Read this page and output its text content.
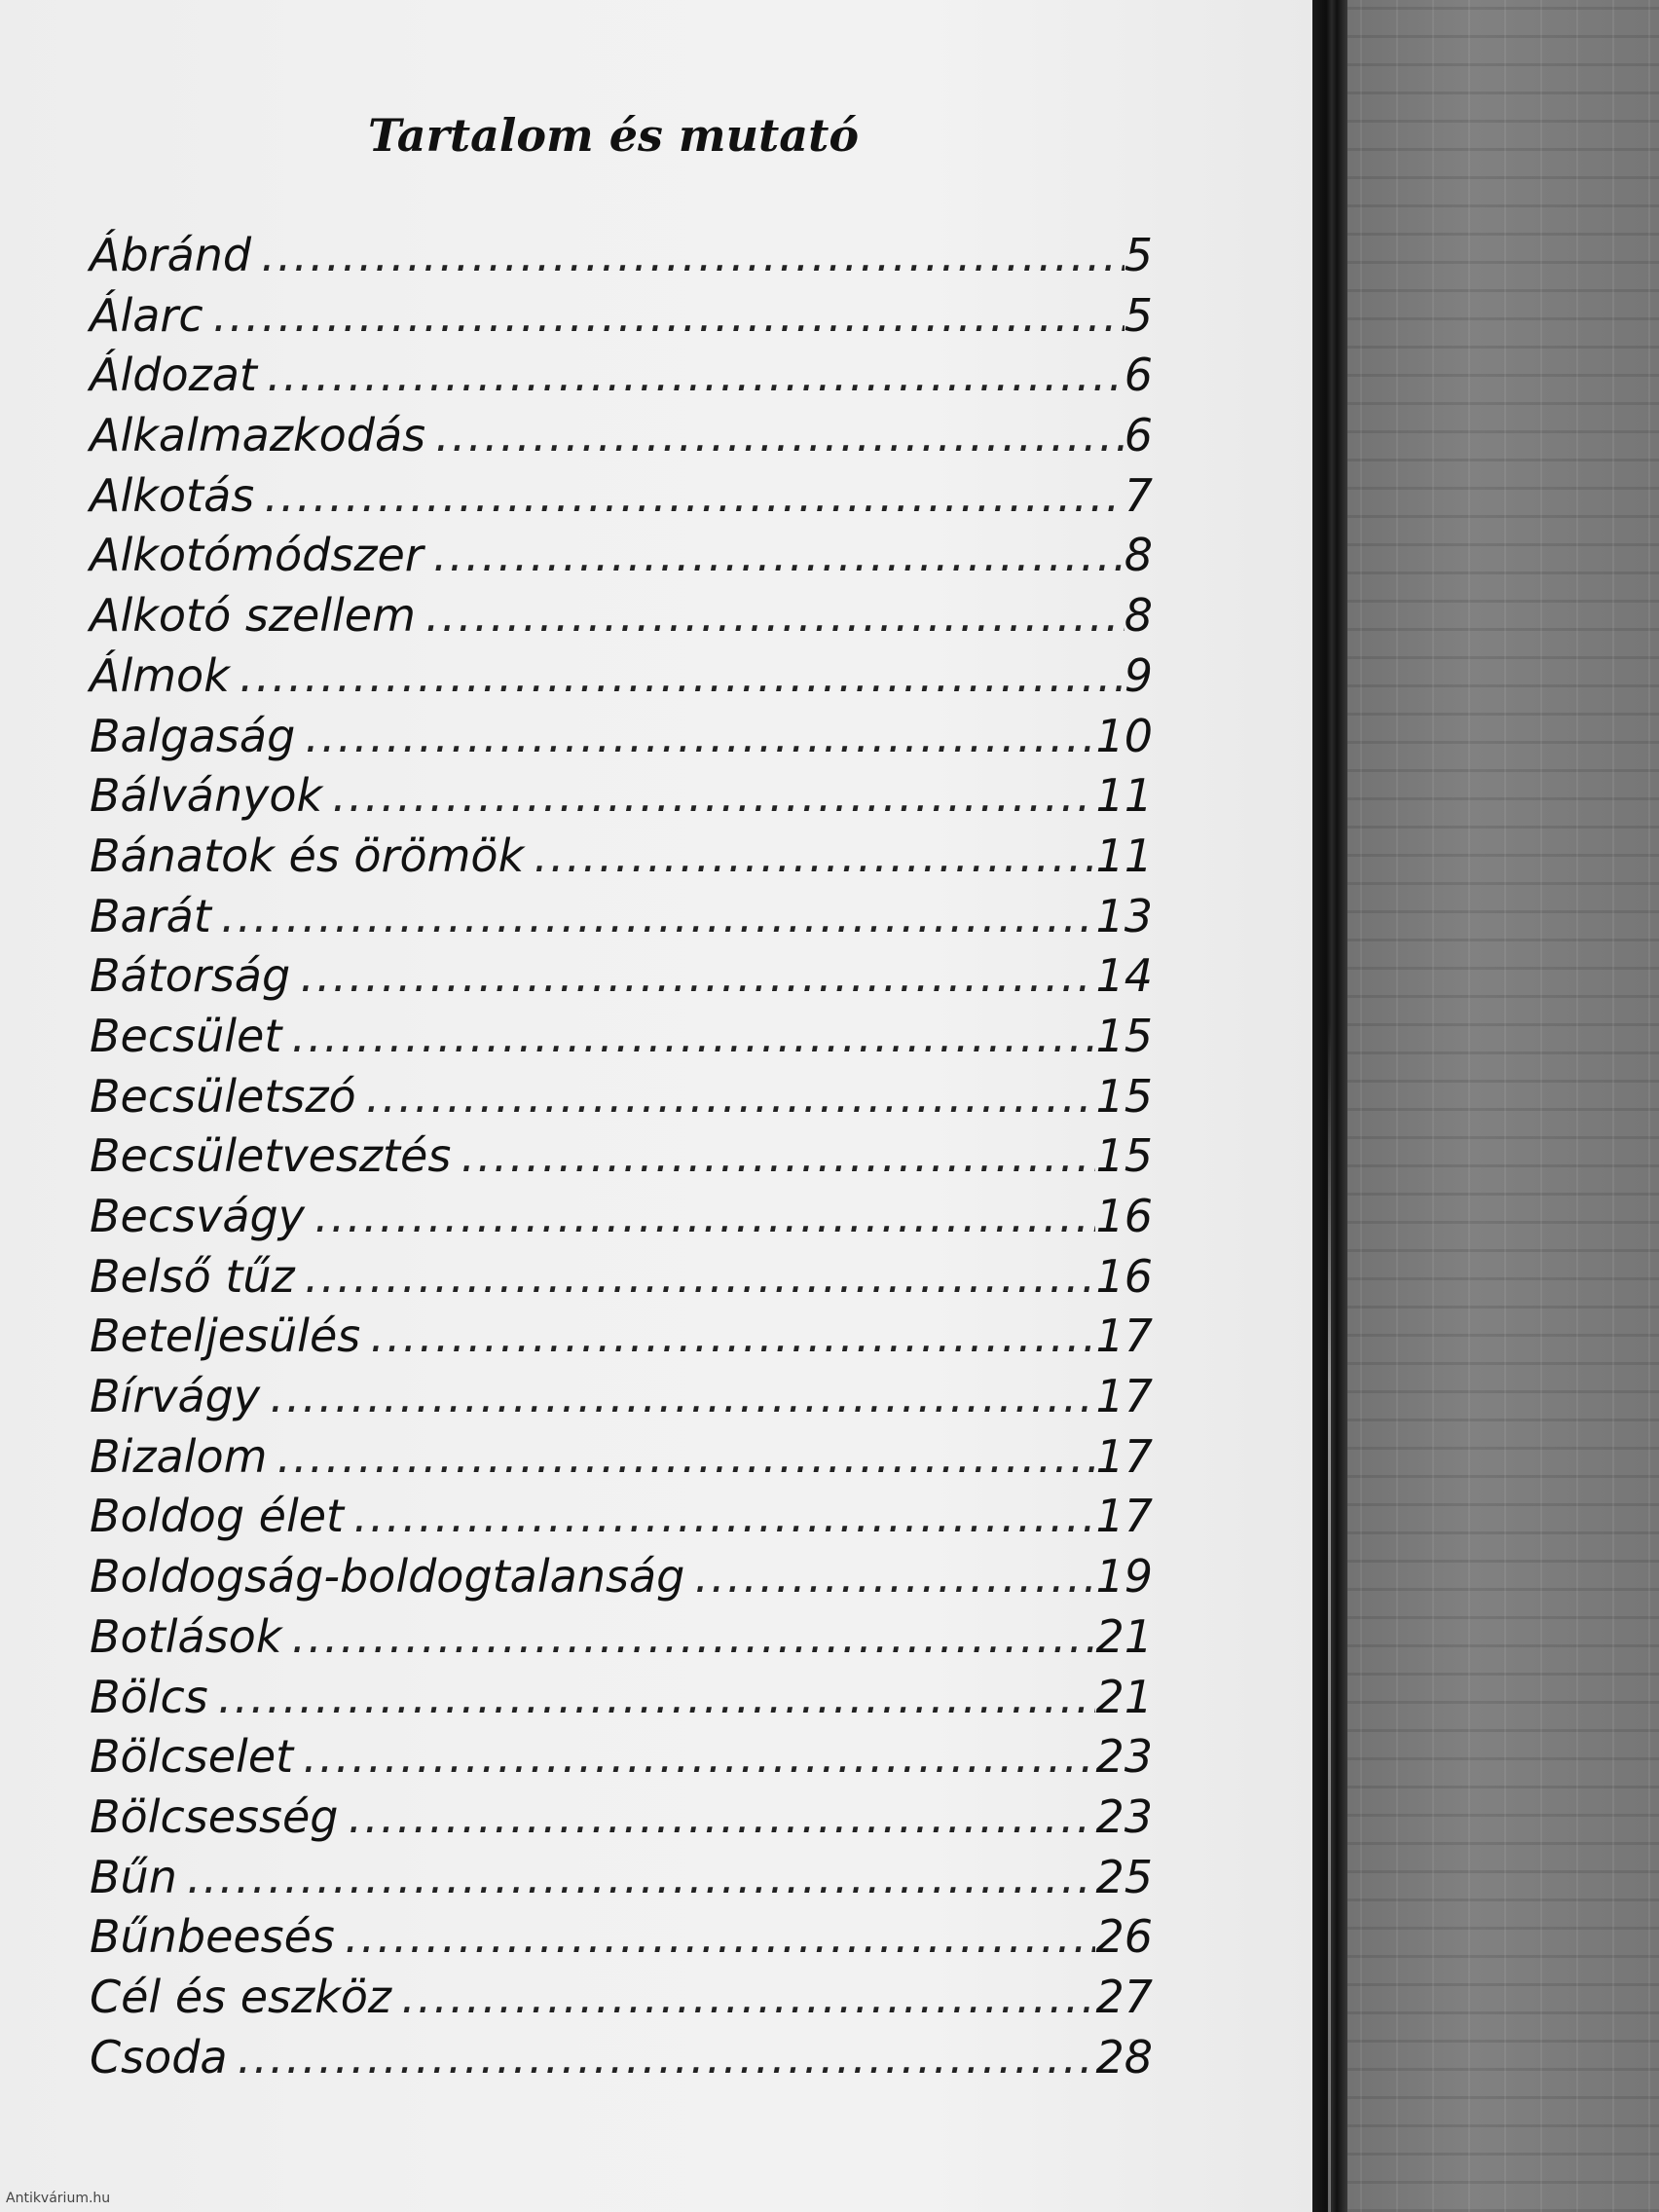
Tartalom és mutató
Ábránd .....	5
Álarc .....	5
Áldozat .....	6
Alkalmazkodás .....	6
Alkotás .....	7
Alkotómódszer .....	8
Alkotó szellem .....	8
Álmok .....	9
Balgaság .....	10
Bálványok .....	11
Bánatok és örömök .....	11
Barát .....	13
Bátorság .....	14
Becsület .....	15
Becsületszó .....	15
Becsületvesztés .....	15
Becsvágy .....	16
Belső tűz .....	16
Beteljesülés .....	17
Bírvágy .....	17
Bizalom .....	17
Boldog élet .....	17
Boldogság-boldogtalanság .....	19
Botlások .....	21
Bölcs .....	21
Bölcselet .....	23
Bölcsesség .....	23
Bűn .....	25
Bűnbeesés .....	26
Cél és eszköz .....	27
Csoda .....	28
Antikvárium.hu
